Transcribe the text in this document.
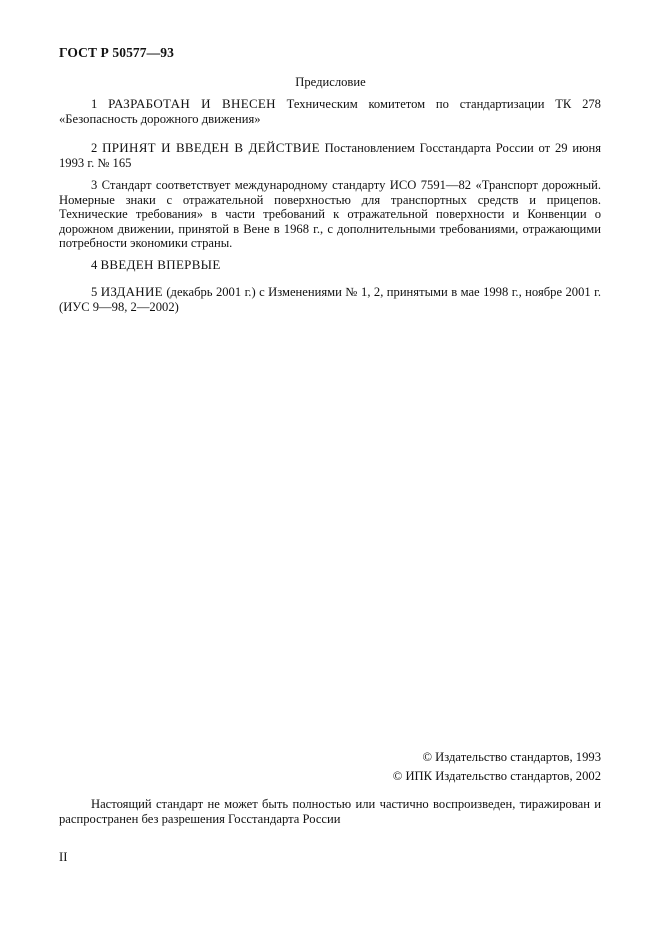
ГОСТ Р 50577—93
Предисловие

1 РАЗРАБОТАН И ВНЕСЕН Техническим комитетом по стандартизации ТК 278 «Безопасность дорожного движения»

2 ПРИНЯТ И ВВЕДЕН В ДЕЙСТВИЕ Постановлением Госстандарта России от 29 июня 1993 г. № 165

3 Стандарт соответствует международному стандарту ИСО 7591—82 «Транспорт дорожный. Номерные знаки с отражательной поверхностью для транспортных средств и прицепов. Технические требования» в части требований к отражательной поверхности и Конвенции о дорожном движении, принятой в Вене в 1968 г., с дополнительными требованиями, отражающими потребности экономики страны.

4 ВВЕДЕН ВПЕРВЫЕ

5 ИЗДАНИЕ (декабрь 2001 г.) с Изменениями № 1, 2, принятыми в мае 1998 г., ноябре 2001 г. (ИУС 9—98, 2—2002)

© Издательство стандартов, 1993
© ИПК Издательство стандартов, 2002

Настоящий стандарт не может быть полностью или частично воспроизведен, тиражирован и распространен без разрешения Госстандарта России

II
